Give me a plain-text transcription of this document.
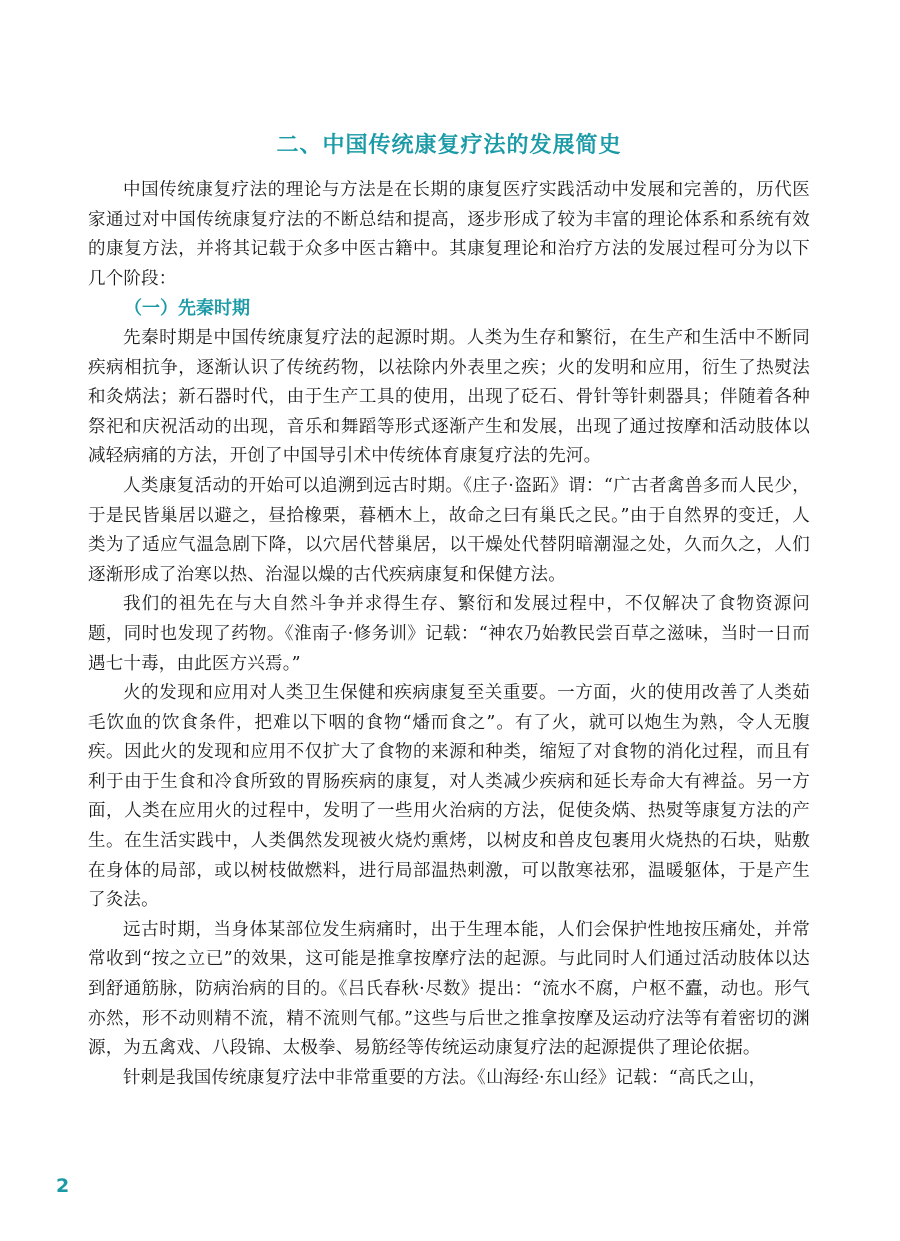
二、中国传统康复疗法的发展简史

中国传统康复疗法的理论与方法是在长期的康复医疗实践活动中发展和完善的，历代医家通过对中国传统康复疗法的不断总结和提高，逐步形成了较为丰富的理论体系和系统有效的康复方法，并将其记载于众多中医古籍中。其康复理论和治疗方法的发展过程可分为以下几个阶段：

（一）先秦时期

先秦时期是中国传统康复疗法的起源时期。人类为生存和繁衍，在生产和生活中不断同疾病相抗争，逐渐认识了传统药物，以祛除内外表里之疾；火的发明和应用，衍生了热熨法和灸焫法；新石器时代，由于生产工具的使用，出现了砭石、骨针等针刺器具；伴随着各种祭祀和庆祝活动的出现，音乐和舞蹈等形式逐渐产生和发展，出现了通过按摩和活动肢体以减轻病痛的方法，开创了中国导引术中传统体育康复疗法的先河。

人类康复活动的开始可以追溯到远古时期。《庄子·盗跖》谓：“广古者禽兽多而人民少，于是民皆巢居以避之，昼拾橡栗，暮栖木上，故命之曰有巢氏之民。”由于自然界的变迁，人类为了适应气温急剧下降，以穴居代替巢居，以干燥处代替阴暗潮湿之处，久而久之，人们逐渐形成了治寒以热、治湿以燥的古代疾病康复和保健方法。

我们的祖先在与大自然斗争并求得生存、繁衍和发展过程中，不仅解决了食物资源问题，同时也发现了药物。《淮南子·修务训》记载：“神农乃始教民尝百草之滋味，当时一日而遇七十毒，由此医方兴焉。”

火的发现和应用对人类卫生保健和疾病康复至关重要。一方面，火的使用改善了人类茹毛饮血的饮食条件，把难以下咽的食物“燔而食之”。有了火，就可以炮生为熟，令人无腹疾。因此火的发现和应用不仅扩大了食物的来源和种类，缩短了对食物的消化过程，而且有利于由于生食和冷食所致的胃肠疾病的康复，对人类减少疾病和延长寿命大有裨益。另一方面，人类在应用火的过程中，发明了一些用火治病的方法，促使灸焫、热熨等康复方法的产生。在生活实践中，人类偶然发现被火烧灼熏烤，以树皮和兽皮包裹用火烧热的石块，贴敷在身体的局部，或以树枝做燃料，进行局部温热刺激，可以散寒祛邪，温暖躯体，于是产生了灸法。

远古时期，当身体某部位发生病痛时，出于生理本能，人们会保护性地按压痛处，并常常收到“按之立已”的效果，这可能是推拿按摩疗法的起源。与此同时人们通过活动肢体以达到舒通筋脉，防病治病的目的。《吕氏春秋·尽数》提出：“流水不腐，户枢不蠹，动也。形气亦然，形不动则精不流，精不流则气郁。”这些与后世之推拿按摩及运动疗法等有着密切的渊源，为五禽戏、八段锦、太极拳、易筋经等传统运动康复疗法的起源提供了理论依据。

针刺是我国传统康复疗法中非常重要的方法。《山海经·东山经》记载：“高氏之山，

2
